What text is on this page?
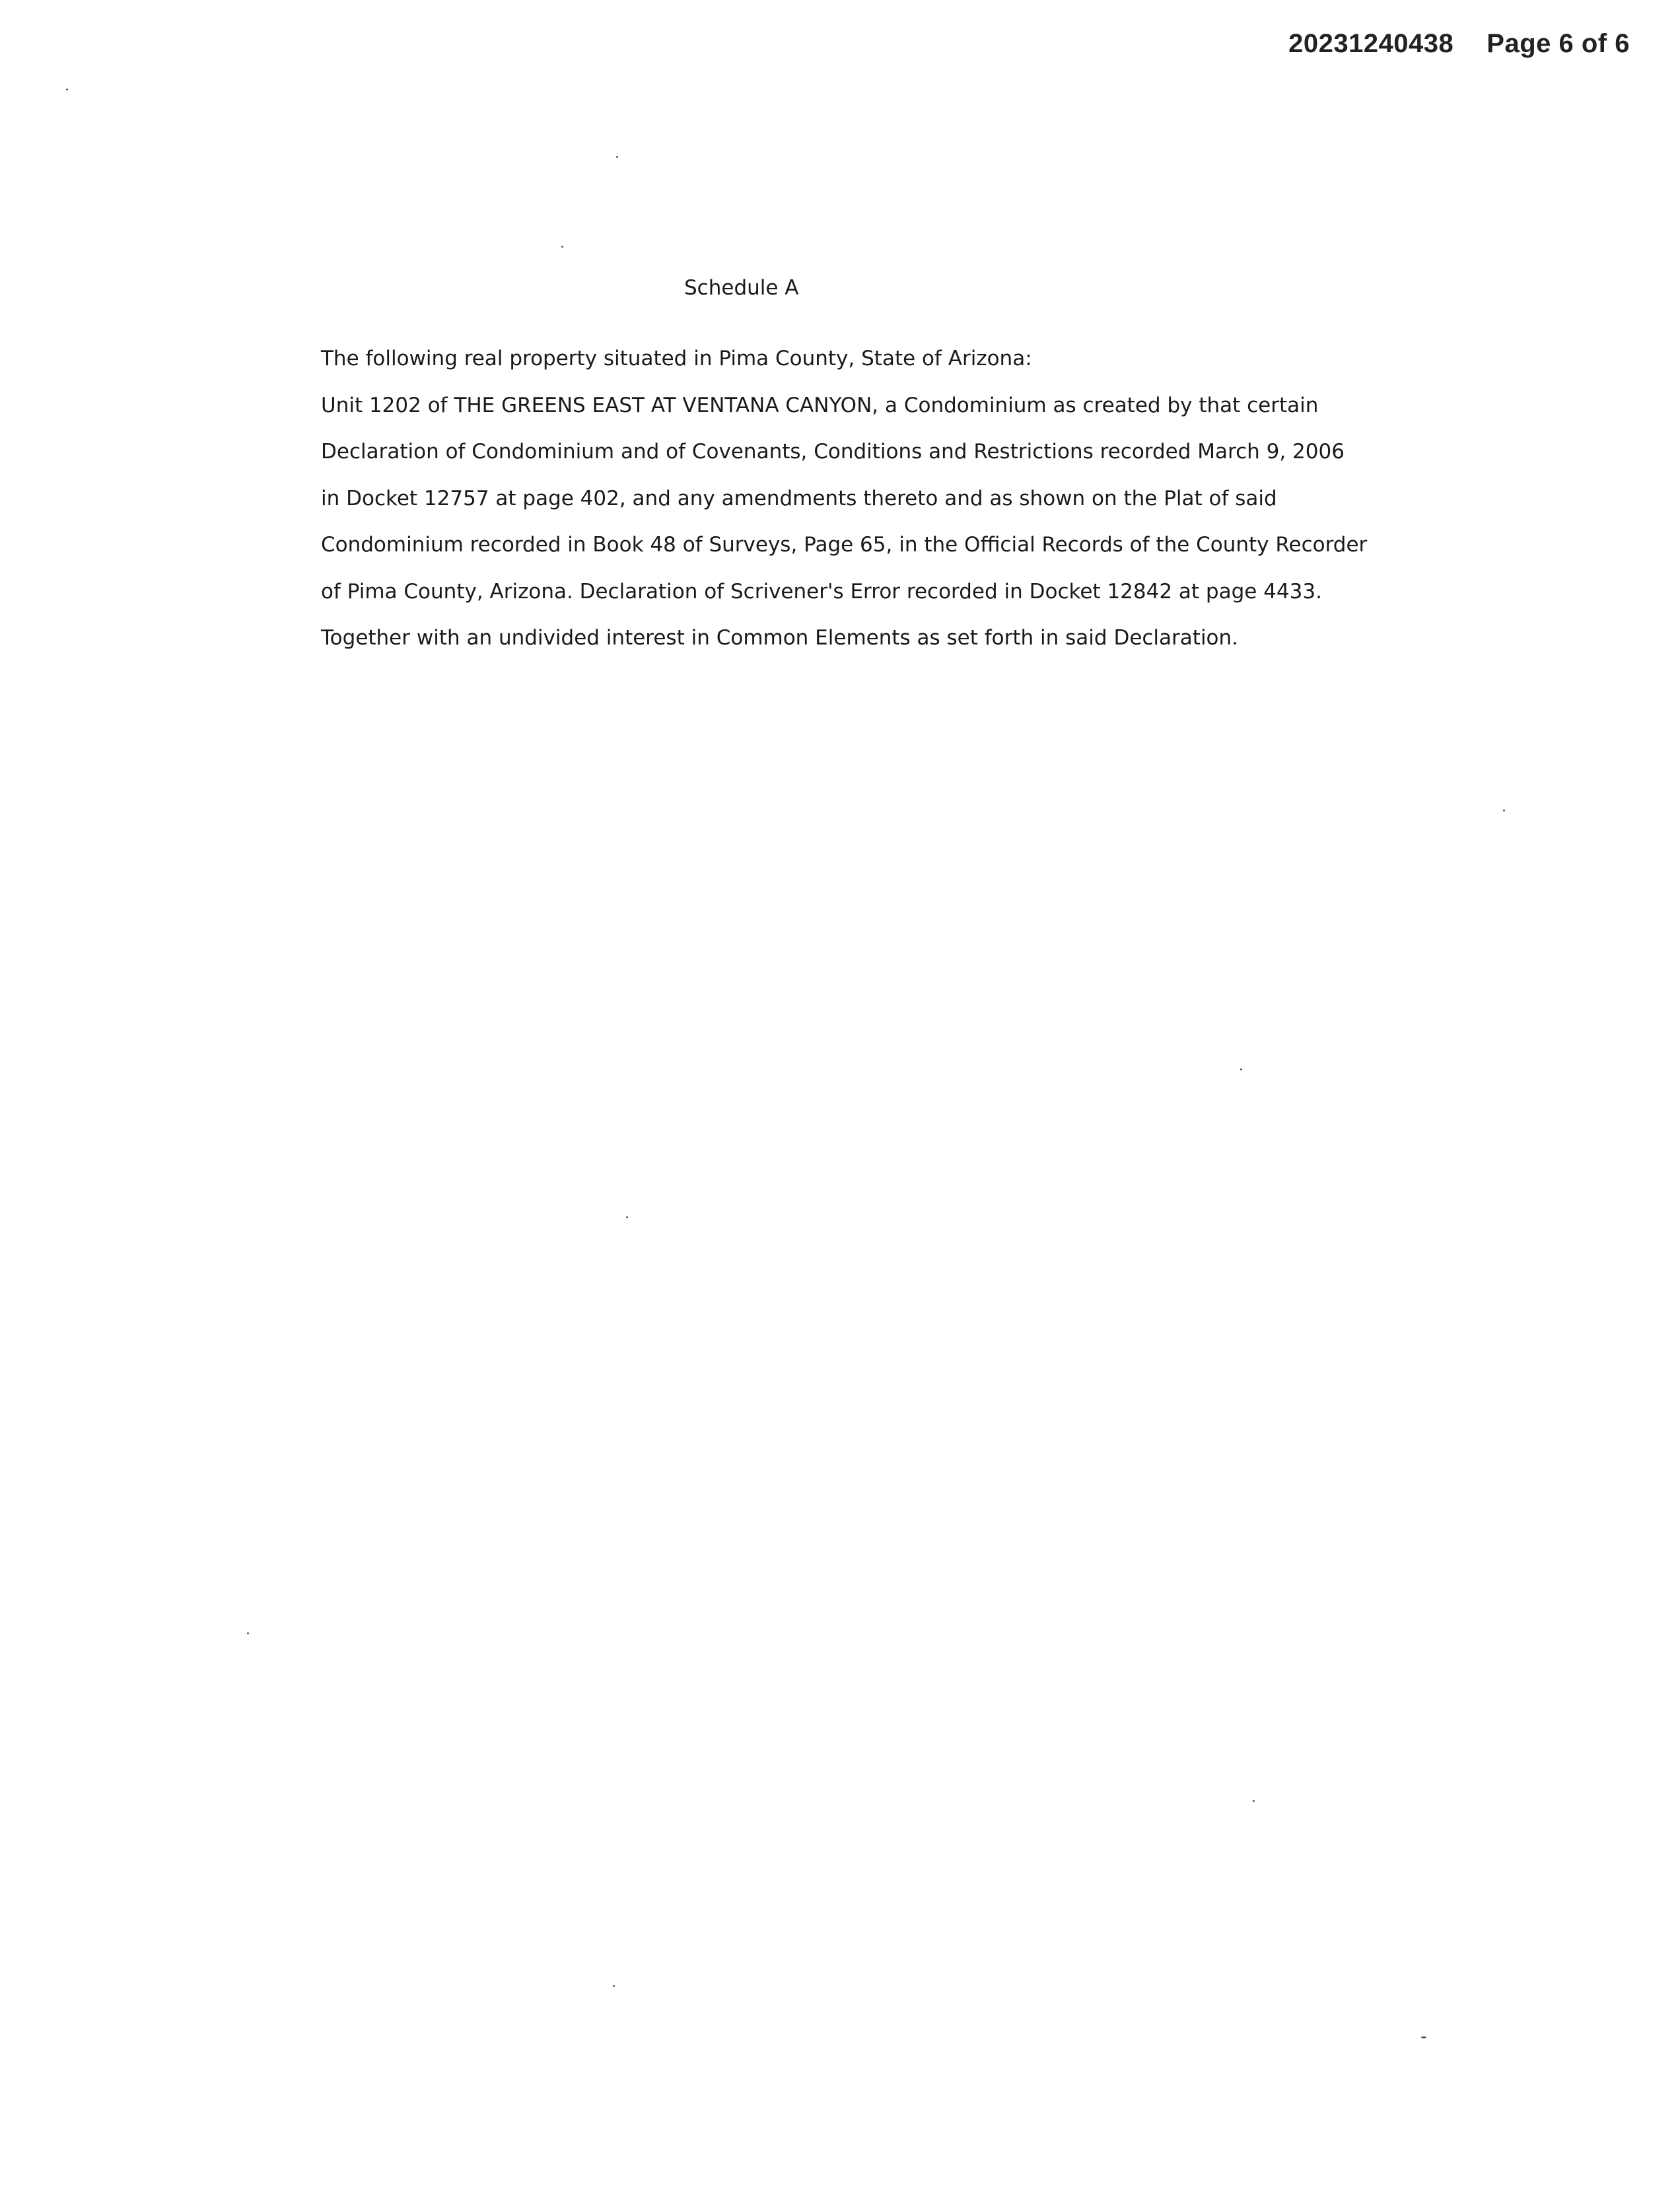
20231240438 Page 6 of 6
Schedule A
The following real property situated in Pima County, State of Arizona:
Unit 1202 of THE GREENS EAST AT VENTANA CANYON, a Condominium as created by that certain
Declaration of Condominium and of Covenants, Conditions and Restrictions recorded March 9, 2006
in Docket 12757 at page 402, and any amendments thereto and as shown on the Plat of said
Condominium recorded in Book 48 of Surveys, Page 65, in the Official Records of the County Recorder
of Pima County, Arizona. Declaration of Scrivener's Error recorded in Docket 12842 at page 4433.
Together with an undivided interest in Common Elements as set forth in said Declaration.
